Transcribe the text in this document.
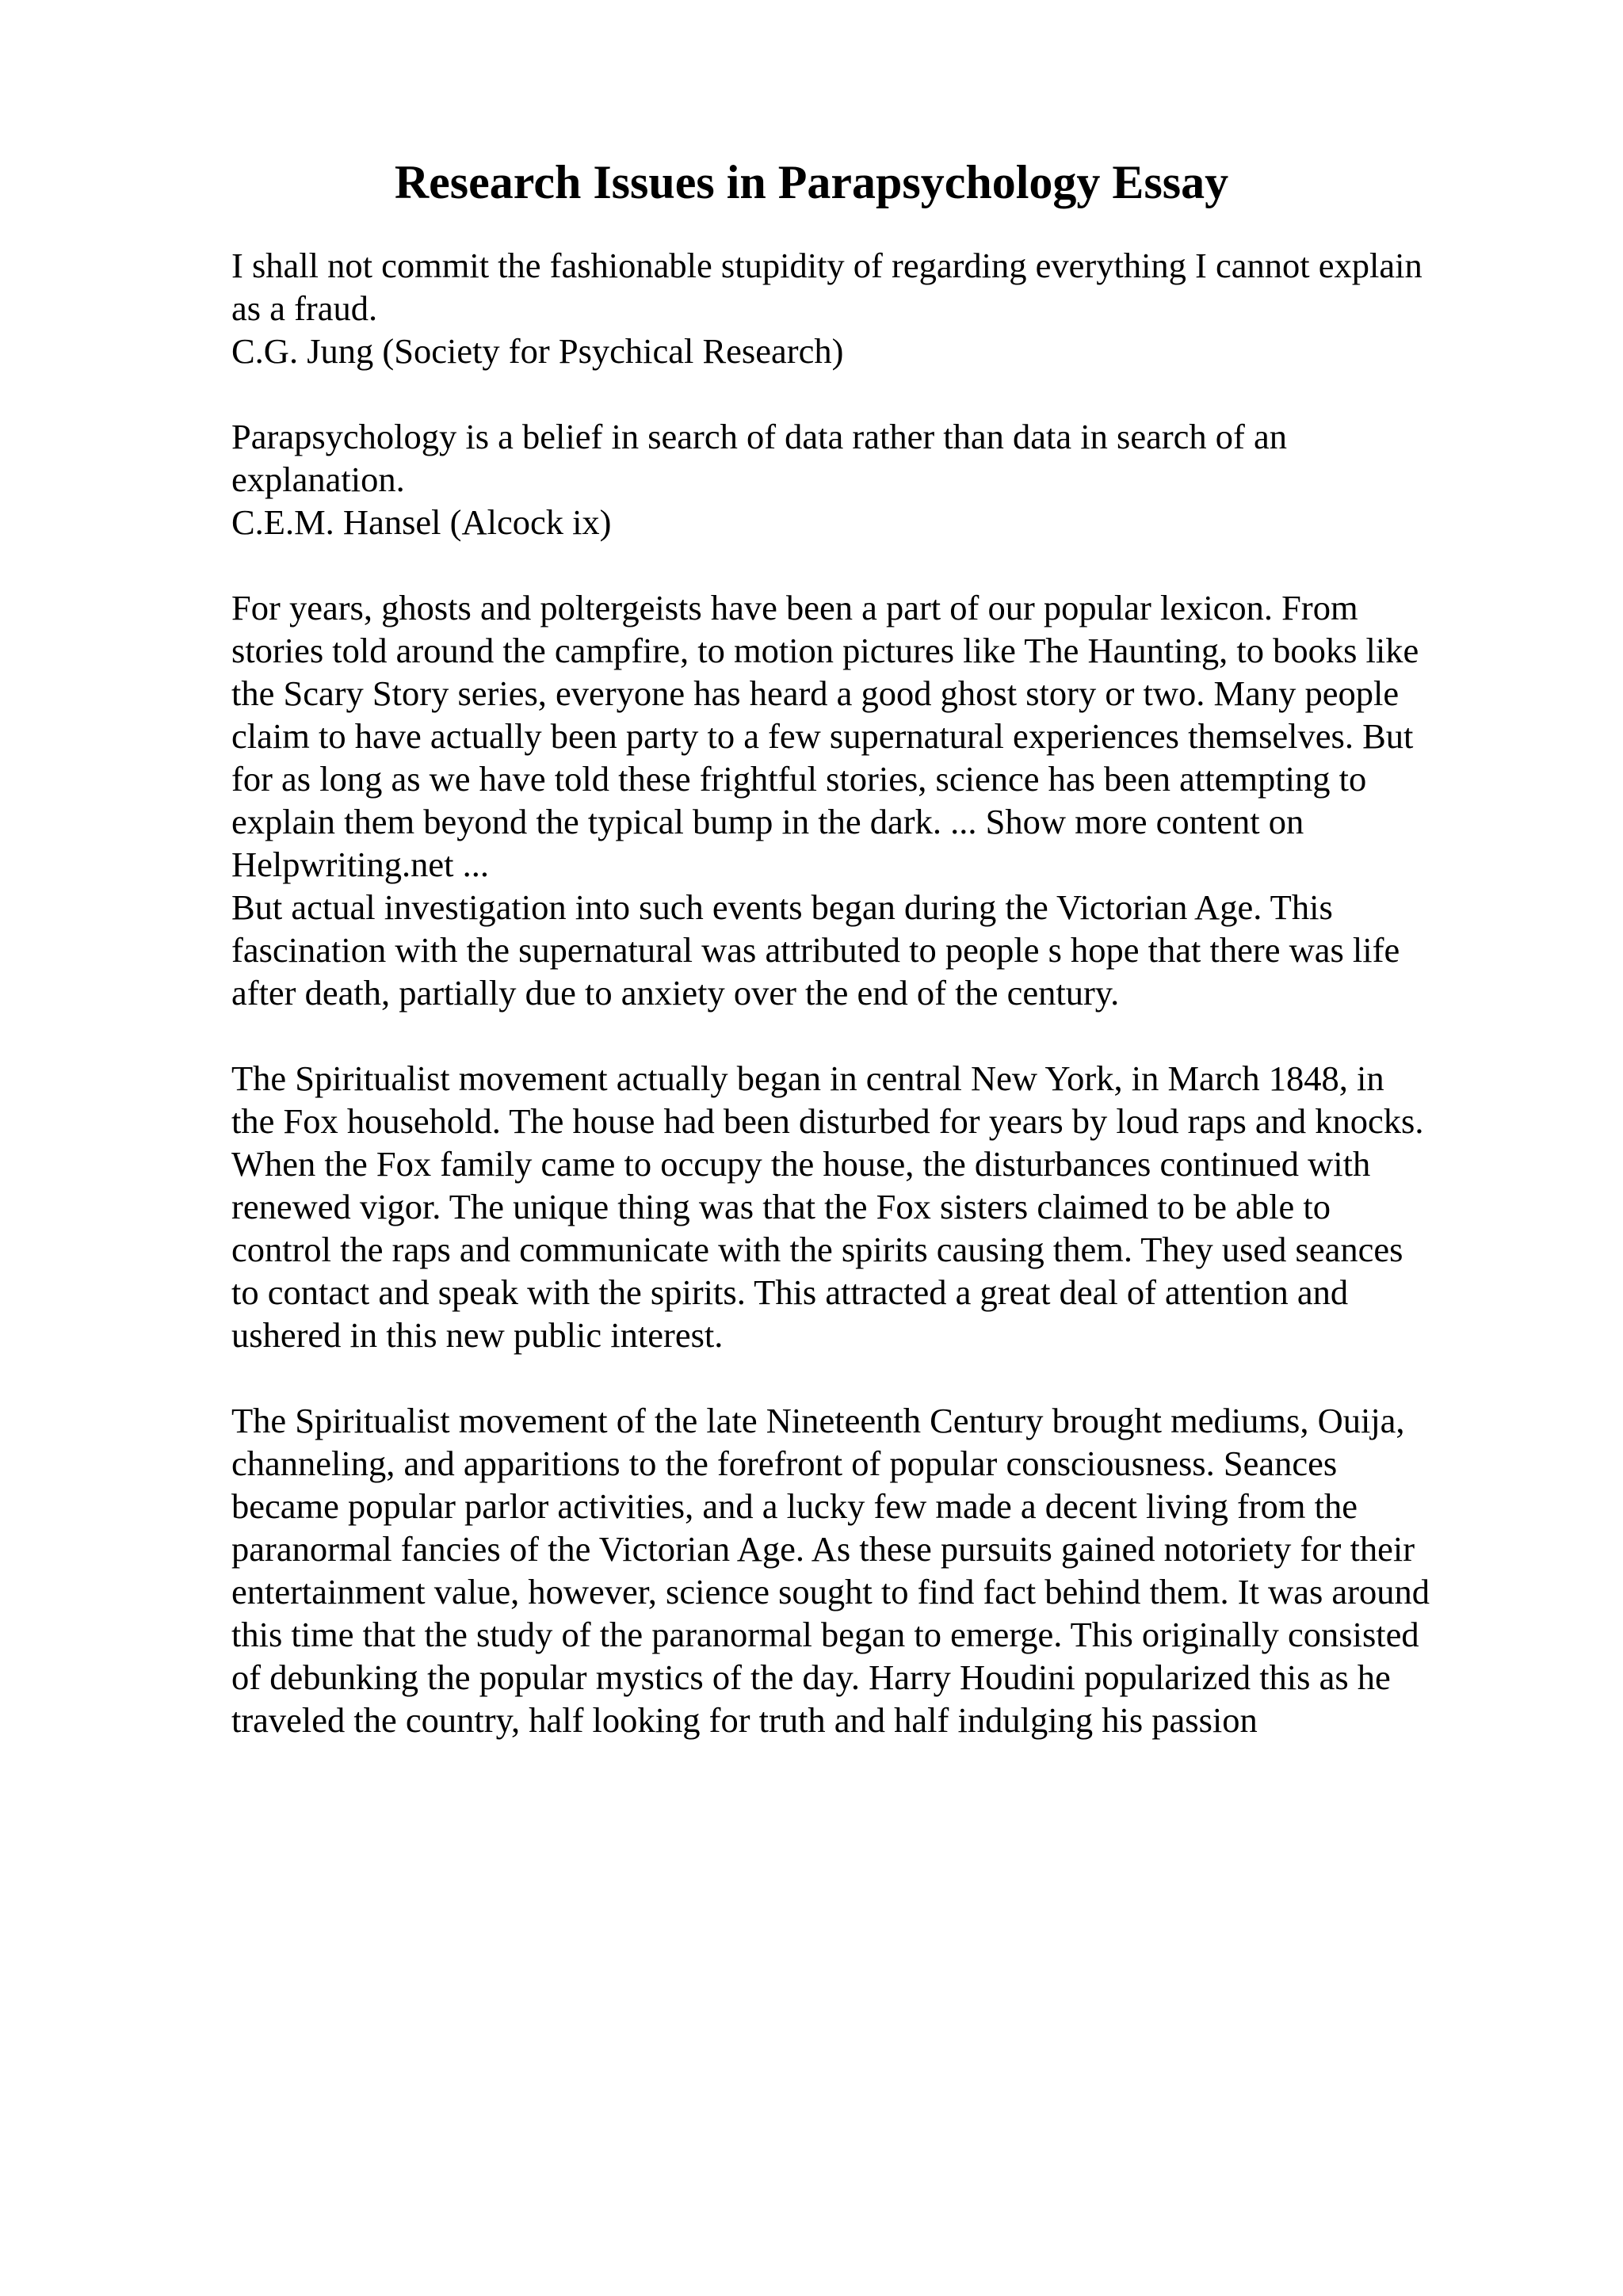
Research Issues in Parapsychology Essay
I shall not commit the fashionable stupidity of regarding everything I cannot explain
as a fraud.
C.G. Jung (Society for Psychical Research)
Parapsychology is a belief in search of data rather than data in search of an
explanation.
C.E.M. Hansel (Alcock ix)
For years, ghosts and poltergeists have been a part of our popular lexicon. From
stories told around the campfire, to motion pictures like The Haunting, to books like
the Scary Story series, everyone has heard a good ghost story or two. Many people
claim to have actually been party to a few supernatural experiences themselves. But
for as long as we have told these frightful stories, science has been attempting to
explain them beyond the typical bump in the dark. ... Show more content on
Helpwriting.net ...
But actual investigation into such events began during the Victorian Age. This
fascination with the supernatural was attributed to people s hope that there was life
after death, partially due to anxiety over the end of the century.
The Spiritualist movement actually began in central New York, in March 1848, in
the Fox household. The house had been disturbed for years by loud raps and knocks.
When the Fox family came to occupy the house, the disturbances continued with
renewed vigor. The unique thing was that the Fox sisters claimed to be able to
control the raps and communicate with the spirits causing them. They used seances
to contact and speak with the spirits. This attracted a great deal of attention and
ushered in this new public interest.
The Spiritualist movement of the late Nineteenth Century brought mediums, Ouija,
channeling, and apparitions to the forefront of popular consciousness. Seances
became popular parlor activities, and a lucky few made a decent living from the
paranormal fancies of the Victorian Age. As these pursuits gained notoriety for their
entertainment value, however, science sought to find fact behind them. It was around
this time that the study of the paranormal began to emerge. This originally consisted
of debunking the popular mystics of the day. Harry Houdini popularized this as he
traveled the country, half looking for truth and half indulging his passion
